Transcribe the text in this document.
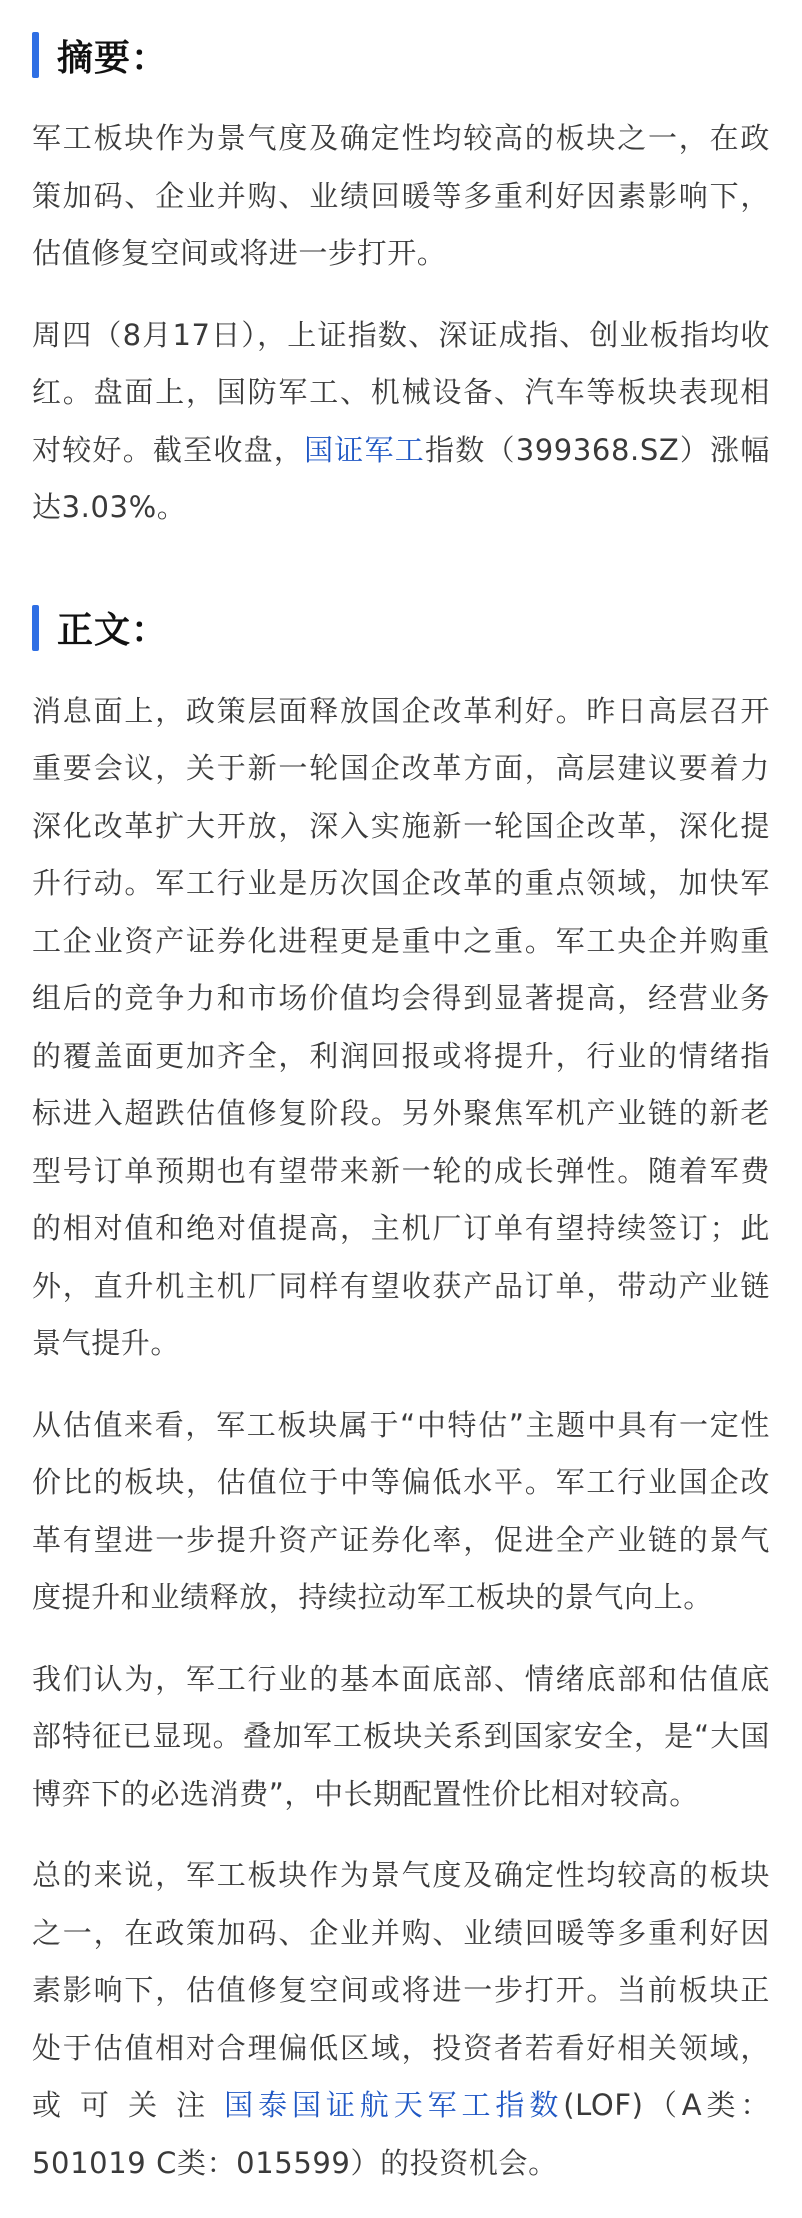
摘要：

军工板块作为景气度及确定性均较高的板块之一，在政策加码、企业并购、业绩回暖等多重利好因素影响下，估值修复空间或将进一步打开。

周四（8月17日），上证指数、深证成指、创业板指均收红。盘面上，国防军工、机械设备、汽车等板块表现相对较好。截至收盘，国证军工指数（399368.SZ）涨幅达3.03%。

正文：

消息面上，政策层面释放国企改革利好。昨日高层召开重要会议，关于新一轮国企改革方面，高层建议要着力深化改革扩大开放，深入实施新一轮国企改革，深化提升行动。军工行业是历次国企改革的重点领域，加快军工企业资产证券化进程更是重中之重。军工央企并购重组后的竞争力和市场价值均会得到显著提高，经营业务的覆盖面更加齐全，利润回报或将提升，行业的情绪指标进入超跌估值修复阶段。另外聚焦军机产业链的新老型号订单预期也有望带来新一轮的成长弹性。随着军费的相对值和绝对值提高，主机厂订单有望持续签订；此外，直升机主机厂同样有望收获产品订单，带动产业链景气提升。

从估值来看，军工板块属于“中特估”主题中具有一定性价比的板块，估值位于中等偏低水平。军工行业国企改革有望进一步提升资产证券化率，促进全产业链的景气度提升和业绩释放，持续拉动军工板块的景气向上。

我们认为，军工行业的基本面底部、情绪底部和估值底部特征已显现。叠加军工板块关系到国家安全，是“大国博弈下的必选消费”，中长期配置性价比相对较高。

总的来说，军工板块作为景气度及确定性均较高的板块之一，在政策加码、企业并购、业绩回暖等多重利好因素影响下，估值修复空间或将进一步打开。当前板块正处于估值相对合理偏低区域，投资者若看好相关领域，或 可 关 注 国泰国证航天军工指数(LOF)（A类：501019 C类：015599）的投资机会。
